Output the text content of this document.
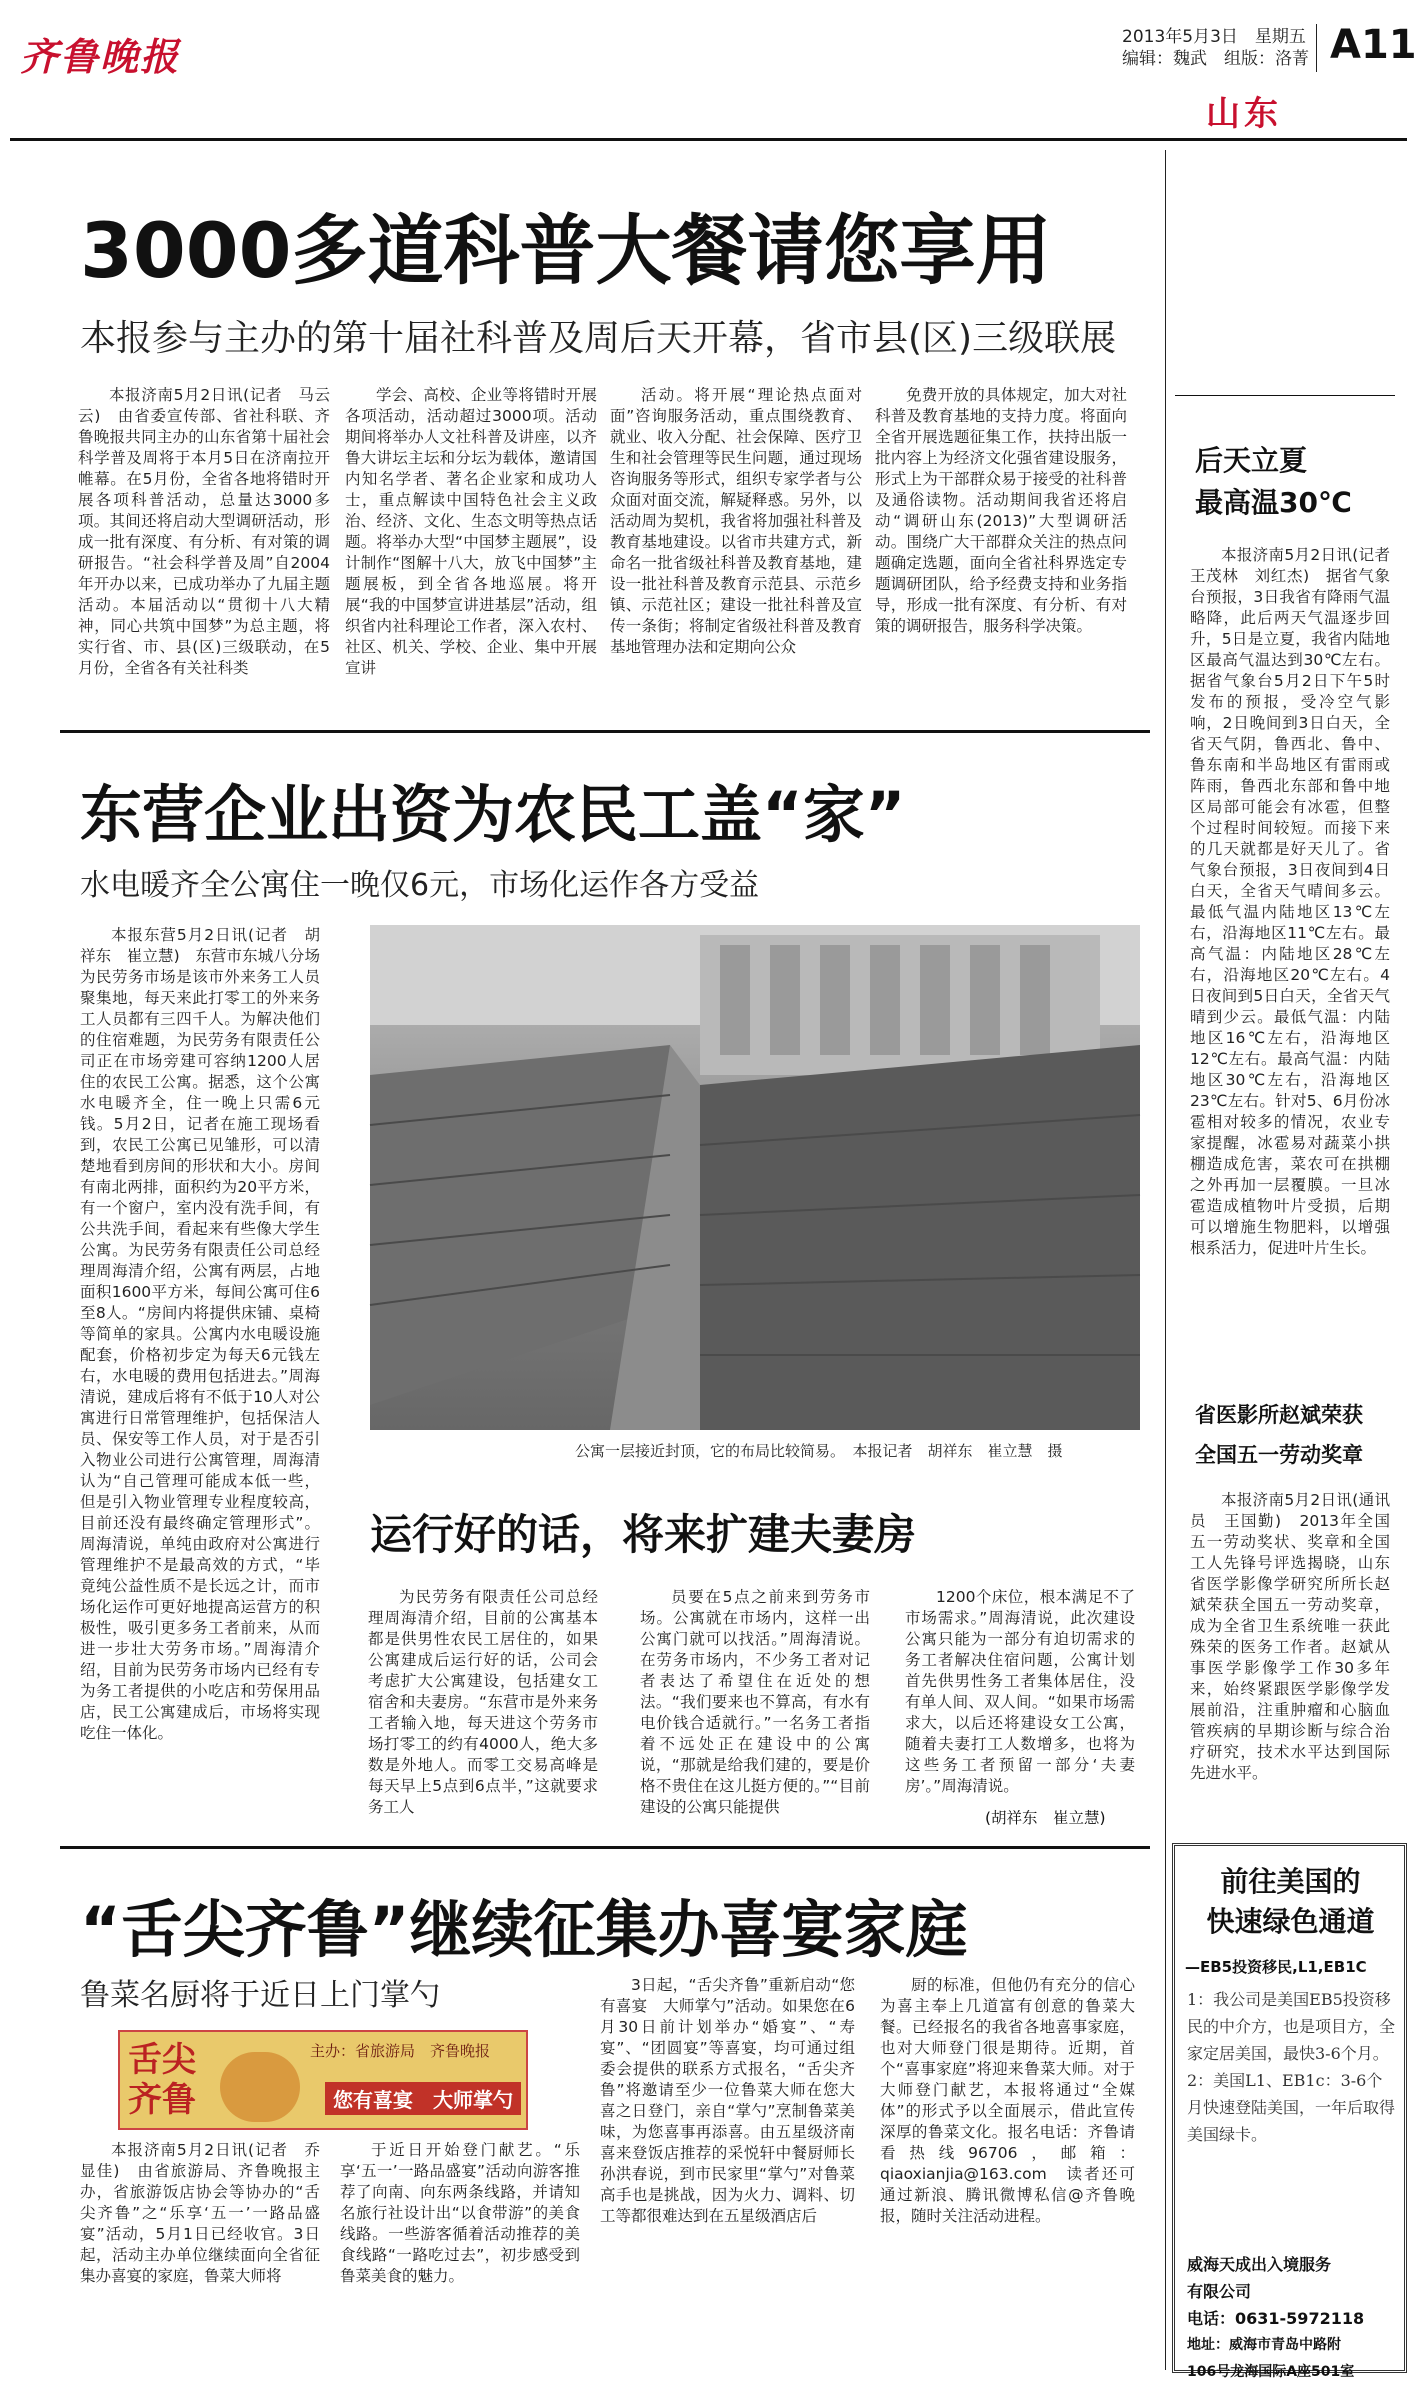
齐鲁晚报	2013年5月3日　星期五
编辑：魏武　组版：洛菁 A11
山东
3000多道科普大餐请您享用
本报参与主办的第十届社科普及周后天开幕，省市县(区)三级联展

本报济南5月2日讯(记者　马云云)　由省委宣传部、省社科联、齐鲁晚报共同主办的山东省第十届社会科学普及周将于本月5日在济南拉开帷幕。在5月份，全省各地将错时开展各项科普活动，总量达3000多项。其间还将启动大型调研活动，形成一批有深度、有分析、有对策的调研报告。“社会科学普及周”自2004年开办以来，已成功举办了九届主题活动。本届活动以“贯彻十八大精神，同心共筑中国梦”为总主题，将实行省、市、县(区)三级联动，在5月份，全省各有关社科类

学会、高校、企业等将错时开展各项活动，活动超过3000项。活动期间将举办人文社科普及讲座，以齐鲁大讲坛主坛和分坛为载体，邀请国内知名学者、著名企业家和成功人士，重点解读中国特色社会主义政治、经济、文化、生态文明等热点话题。将举办大型“中国梦主题展”，设计制作“图解十八大，放飞中国梦”主题展板，到全省各地巡展。将开展“我的中国梦宣讲进基层”活动，组织省内社科理论工作者，深入农村、社区、机关、学校、企业、集中开展宣讲

活动。将开展“理论热点面对面”咨询服务活动，重点围绕教育、就业、收入分配、社会保障、医疗卫生和社会管理等民生问题，通过现场咨询服务等形式，组织专家学者与公众面对面交流，解疑释惑。另外，以活动周为契机，我省将加强社科普及教育基地建设。以省市共建方式，新命名一批省级社科普及教育基地，建设一批社科普及教育示范县、示范乡镇、示范社区；建设一批社科普及宣传一条街；将制定省级社科普及教育基地管理办法和定期向公众

免费开放的具体规定，加大对社科普及教育基地的支持力度。将面向全省开展选题征集工作，扶持出版一批内容上为经济文化强省建设服务，形式上为干部群众易于接受的社科普及通俗读物。活动期间我省还将启动“调研山东(2013)”大型调研活动。围绕广大干部群众关注的热点问题确定选题，面向全省社科界选定专题调研团队，给予经费支持和业务指导，形成一批有深度、有分析、有对策的调研报告，服务科学决策。

东营企业出资为农民工盖“家”
水电暖齐全公寓住一晚仅6元，市场化运作各方受益

本报东营5月2日讯(记者　胡祥东　崔立慧)　东营市东城八分场为民劳务市场是该市外来务工人员聚集地，每天来此打零工的外来务工人员都有三四千人。为解决他们的住宿难题，为民劳务有限责任公司正在市场旁建可容纳1200人居住的农民工公寓。据悉，这个公寓水电暖齐全，住一晚上只需6元钱。5月2日，记者在施工现场看到，农民工公寓已见雏形，可以清楚地看到房间的形状和大小。房间有南北两排，面积约为20平方米，有一个窗户，室内没有洗手间，有公共洗手间，看起来有些像大学生公寓。为民劳务有限责任公司总经理周海清介绍，公寓有两层，占地面积1600平方米，每间公寓可住6至8人。“房间内将提供床铺、桌椅等简单的家具。公寓内水电暖设施配套，价格初步定为每天6元钱左右，水电暖的费用包括进去。”周海清说，建成后将有不低于10人对公寓进行日常管理维护，包括保洁人员、保安等工作人员，对于是否引入物业公司进行公寓管理，周海清认为“自己管理可能成本低一些，但是引入物业管理专业程度较高，目前还没有最终确定管理形式”。周海清说，单纯由政府对公寓进行管理维护不是最高效的方式，“毕竟纯公益性质不是长远之计，而市场化运作可更好地提高运营方的积极性，吸引更多务工者前来，从而进一步壮大劳务市场。”周海清介绍，目前为民劳务市场内已经有专为务工者提供的小吃店和劳保用品店，民工公寓建成后，市场将实现吃住一体化。

公寓一层接近封顶，它的布局比较简易。　本报记者　胡祥东　崔立慧　摄
运行好的话，将来扩建夫妻房

为民劳务有限责任公司总经理周海清介绍，目前的公寓基本都是供男性农民工居住的，如果公寓建成后运行好的话，公司会考虑扩大公寓建设，包括建女工宿舍和夫妻房。“东营市是外来务工者输入地，每天进这个劳务市场打零工的约有4000人，绝大多数是外地人。而零工交易高峰是每天早上5点到6点半，”这就要求务工人

员要在5点之前来到劳务市场。公寓就在市场内，这样一出公寓门就可以找活。”周海清说。在劳务市场内，不少务工者对记者表达了希望住在近处的想法。“我们要来也不算高，有水有电价钱合适就行。”一名务工者指着不远处正在建设中的公寓说，“那就是给我们建的，要是价格不贵住在这儿挺方便的。”“目前建设的公寓只能提供

1200个床位，根本满足不了市场需求。”周海清说，此次建设公寓只能为一部分有迫切需求的务工者解决住宿问题，公寓计划首先供男性务工者集体居住，没有单人间、双人间。“如果市场需求大，以后还将建设女工公寓，随着夫妻打工人数增多，也将为这些务工者预留一部分‘夫妻房’。”周海清说。

(胡祥东　崔立慧)
“舌尖齐鲁”继续征集办喜宴家庭
鲁菜名厨将于近日上门掌勺
舌尖齐鲁
主办：省旅游局　齐鲁晚报
您有喜宴　大师掌勺

本报济南5月2日讯(记者　乔显佳)　由省旅游局、齐鲁晚报主办，省旅游饭店协会等协办的“舌尖齐鲁”之“乐享‘五一’一路品盛宴”活动，5月1日已经收官。3日起，活动主办单位继续面向全省征集办喜宴的家庭，鲁菜大师将

于近日开始登门献艺。“乐享‘五一’一路品盛宴”活动向游客推荐了向南、向东两条线路，并请知名旅行社设计出“以食带游”的美食线路。一些游客循着活动推荐的美食线路“一路吃过去”，初步感受到鲁菜美食的魅力。

3日起，“舌尖齐鲁”重新启动“您有喜宴　大师掌勺”活动。如果您在6月30日前计划举办“婚宴”、“寿宴”、“团圆宴”等喜宴，均可通过组委会提供的联系方式报名，“舌尖齐鲁”将邀请至少一位鲁菜大师在您大喜之日登门，亲自“掌勺”烹制鲁菜美味，为您喜事再添喜。由五星级济南喜来登饭店推荐的采悦轩中餐厨师长孙洪春说，到市民家里“掌勺”对鲁菜高手也是挑战，因为火力、调料、切工等都很难达到在五星级酒店后

厨的标准，但他仍有充分的信心为喜主奉上几道富有创意的鲁菜大餐。已经报名的我省各地喜事家庭，也对大师登门很是期待。近期，首个“喜事家庭”将迎来鲁菜大师。对于大师登门献艺，本报将通过“全媒体”的形式予以全面展示，借此宣传深厚的鲁菜文化。报名电话：齐鲁请看热线96706，邮箱：qiaoxianjia@163.com　读者还可通过新浪、腾讯微博私信@齐鲁晚报，随时关注活动进程。

后天立夏
最高温30℃

本报济南5月2日讯(记者　王茂林　刘红杰)　据省气象台预报，3日我省有降雨气温略降，此后两天气温逐步回升，5日是立夏，我省内陆地区最高气温达到30℃左右。据省气象台5月2日下午5时发布的预报，受冷空气影响，2日晚间到3日白天，全省天气阴，鲁西北、鲁中、鲁东南和半岛地区有雷雨或阵雨，鲁西北东部和鲁中地区局部可能会有冰雹，但整个过程时间较短。而接下来的几天就都是好天儿了。省气象台预报，3日夜间到4日白天，全省天气晴间多云。最低气温内陆地区13℃左右，沿海地区11℃左右。最高气温：内陆地区28℃左右，沿海地区20℃左右。4日夜间到5日白天，全省天气晴到少云。最低气温：内陆地区16℃左右，沿海地区12℃左右。最高气温：内陆地区30℃左右，沿海地区23℃左右。针对5、6月份冰雹相对较多的情况，农业专家提醒，冰雹易对蔬菜小拱棚造成危害，菜农可在拱棚之外再加一层覆膜。一旦冰雹造成植物叶片受损，后期可以增施生物肥料，以增强根系活力，促进叶片生长。

省医影所赵斌荣获
全国五一劳动奖章

本报济南5月2日讯(通讯员　王国勤)　2013年全国五一劳动奖状、奖章和全国工人先锋号评选揭晓，山东省医学影像学研究所所长赵斌荣获全国五一劳动奖章，成为全省卫生系统唯一获此殊荣的医务工作者。赵斌从事医学影像学工作30多年来，始终紧跟医学影像学发展前沿，注重肿瘤和心脑血管疾病的早期诊断与综合治疗研究，技术水平达到国际先进水平。

前往美国的
快速绿色通道
—EB5投资移民,L1,EB1C
1：我公司是美国EB5投资移民的中介方，也是项目方，全家定居美国，最快3-6个月。2：美国L1、EB1c：3-6个月快速登陆美国，一年后取得美国绿卡。
威海天成出入境服务
有限公司
电话：0631-5972118
地址：威海市青岛中路附
106号龙海国际A座501室
